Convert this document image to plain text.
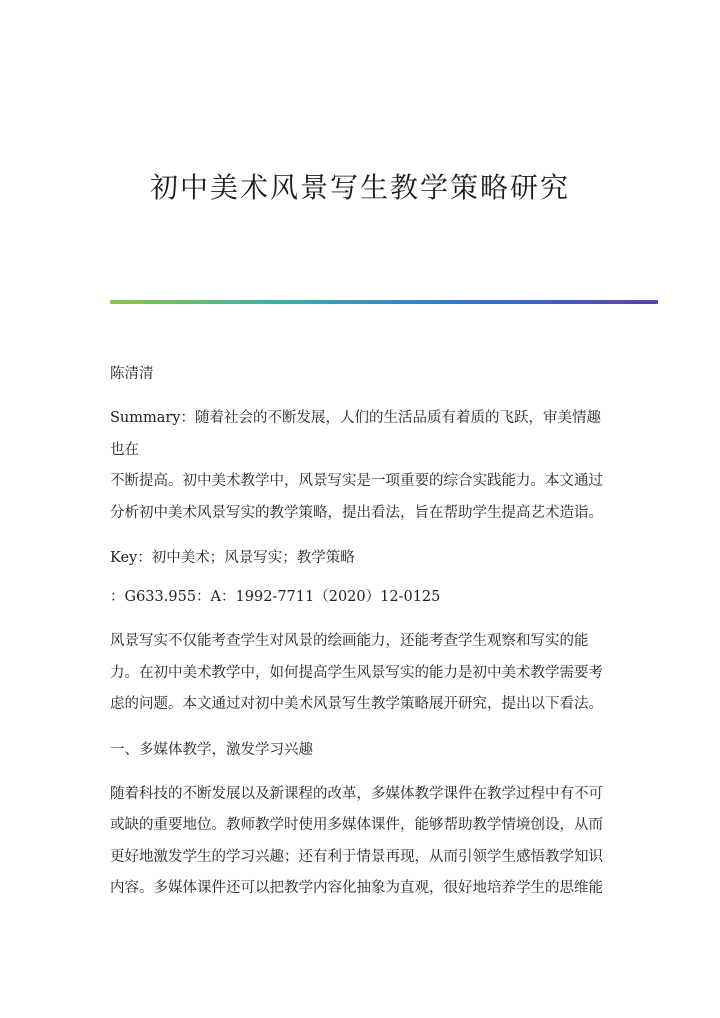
初中美术风景写生教学策略研究

陈清清

Summary：随着社会的不断发展，人们的生活品质有着质的飞跃，审美情趣也在
不断提高。初中美术教学中，风景写实是一项重要的综合实践能力。本文通过
分析初中美术风景写实的教学策略，提出看法，旨在帮助学生提高艺术造诣。

Key：初中美术；风景写实；教学策略

：G633.955：A：1992-7711（2020）12-0125

风景写实不仅能考查学生对风景的绘画能力，还能考查学生观察和写实的能
力。在初中美术教学中，如何提高学生风景写实的能力是初中美术教学需要考
虑的问题。本文通过对初中美术风景写生教学策略展开研究，提出以下看法。

一、多媒体教学，激发学习兴趣

随着科技的不断发展以及新课程的改革，多媒体教学课件在教学过程中有不可
或缺的重要地位。教师教学时使用多媒体课件，能够帮助教学情境创设，从而
更好地激发学生的学习兴趣；还有利于情景再现，从而引领学生感悟教学知识
内容。多媒体课件还可以把教学内容化抽象为直观，很好地培养学生的思维能
